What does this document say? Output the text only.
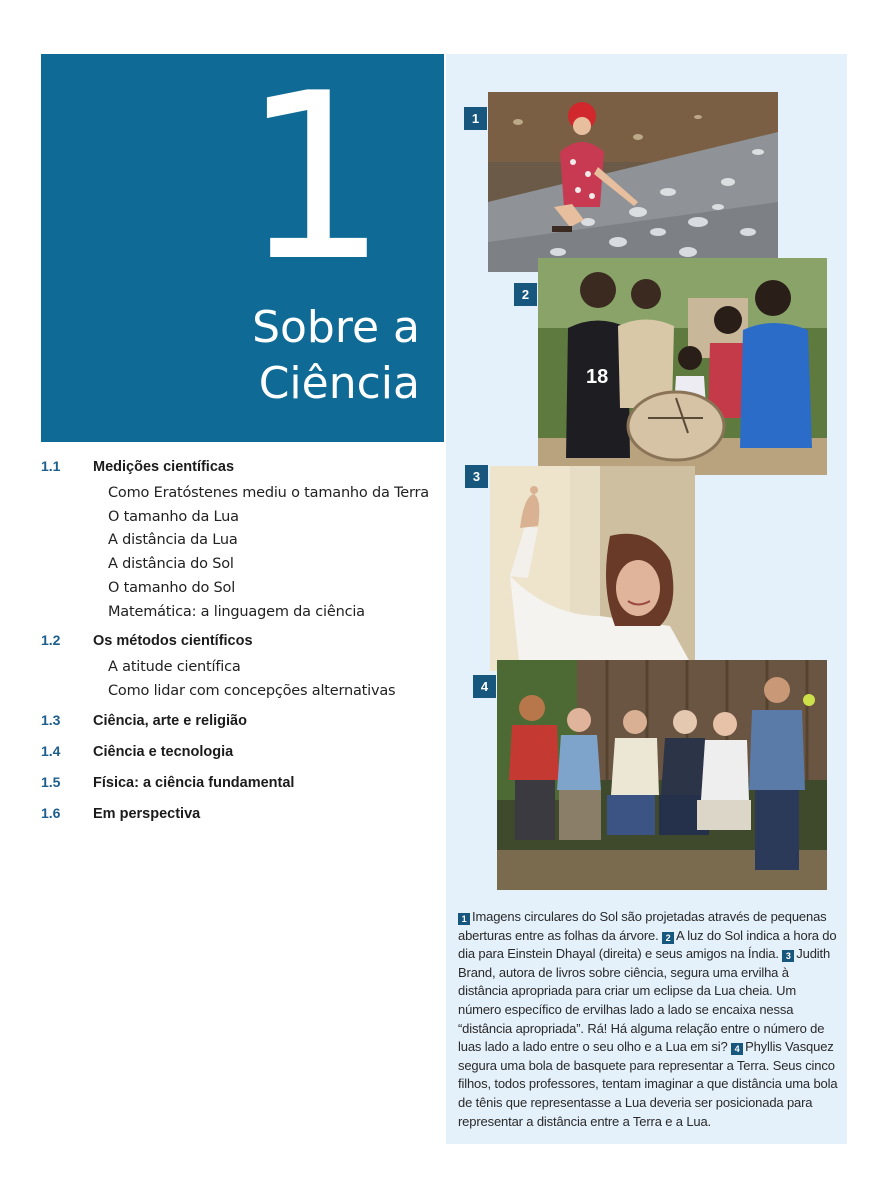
1
Sobre a
Ciência
1.1	Medições científicas
Como Eratóstenes mediu o tamanho da Terra
O tamanho da Lua
A distância da Lua
A distância do Sol
O tamanho do Sol
Matemática: a linguagem da ciência
1.2	Os métodos científicos
A atitude científica
Como lidar com concepções alternativas
1.3	Ciência, arte e religião
1.4	Ciência e tecnologia
1.5	Física: a ciência fundamental
1.6	Em perspectiva
1
18
2
3
4
1 Imagens circulares do Sol são projetadas através de pequenas aberturas entre as folhas da árvore. 2 A luz do Sol indica a hora do dia para Einstein Dhayal (direita) e seus amigos na Índia. 3 Judith Brand, autora de livros sobre ciência, segura uma ervilha à distância apropriada para criar um eclipse da Lua cheia. Um número específico de ervilhas lado a lado se encaixa nessa “distância apropriada”. Rá! Há alguma relação entre o número de luas lado a lado entre o seu olho e a Lua em si? 4 Phyllis Vasquez segura uma bola de basquete para representar a Terra. Seus cinco filhos, todos professores, tentam imaginar a que distância uma bola de tênis que representasse a Lua deveria ser posicionada para representar a distância entre a Terra e a Lua.
